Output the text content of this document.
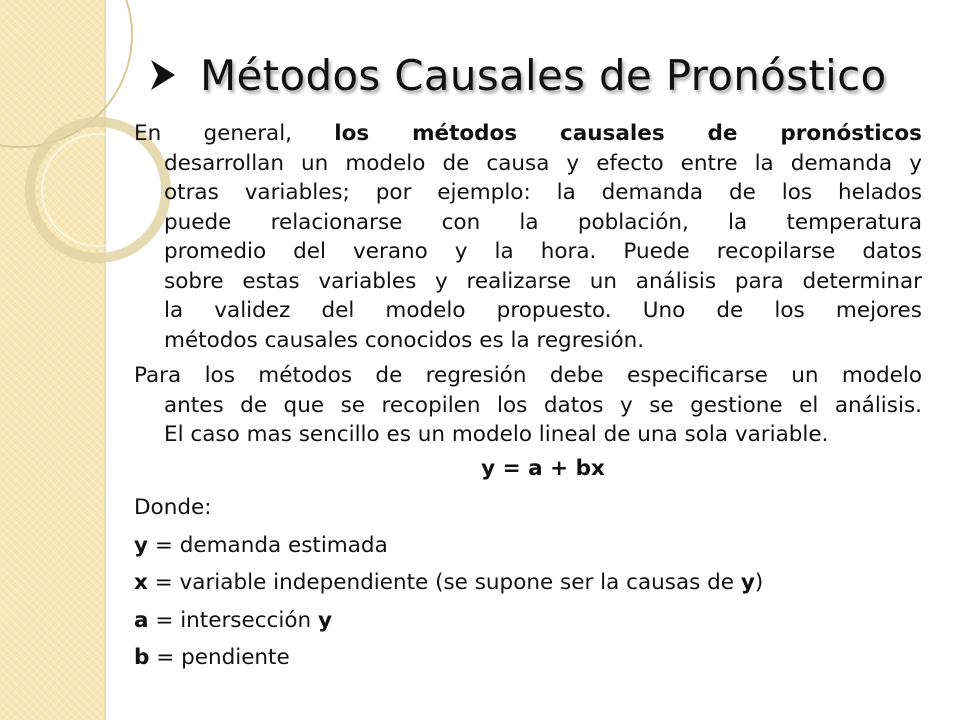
Métodos Causales de Pronóstico

En general, los métodos causales de pronósticos
desarrollan un modelo de causa y efecto entre la demanda y
otras variables; por ejemplo: la demanda de los helados
puede relacionarse con la población, la temperatura
promedio del verano y la hora. Puede recopilarse datos
sobre estas variables y realizarse un análisis para determinar
la validez del modelo propuesto. Uno de los mejores
métodos causales conocidos es la regresión.

Para los métodos de regresión debe especificarse un modelo
antes de que se recopilen los datos y se gestione el análisis.
El caso mas sencillo es un modelo lineal de una sola variable.

y = a + bx
Donde:
y = demanda estimada
x = variable independiente (se supone ser la causas de y)
a = intersección y
b = pendiente
